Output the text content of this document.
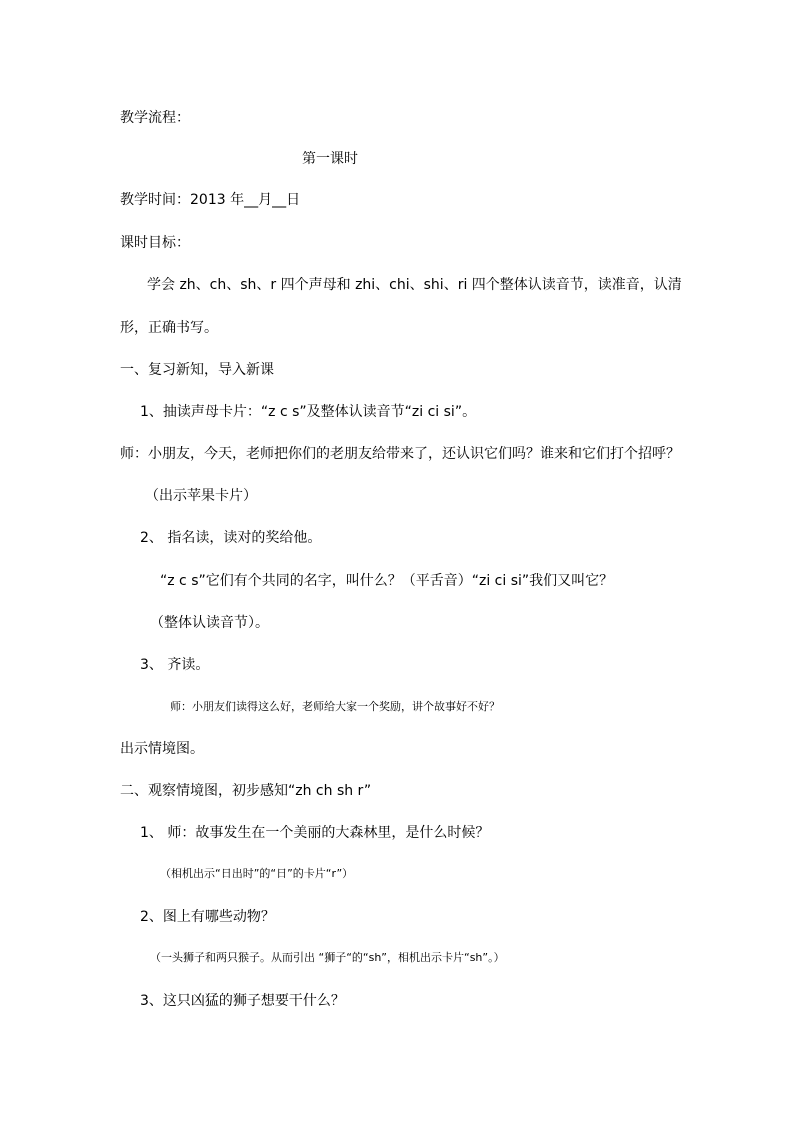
教学流程：
第一课时
教学时间：2013 年__月__日
课时目标：
学会 zh、ch、sh、r 四个声母和 zhi、chi、shi、ri 四个整体认读音节，读准音，认清
形，正确书写。
一、复习新知，导入新课
1、抽读声母卡片：“z c s”及整体认读音节“zi ci si”。
师：小朋友，今天，老师把你们的老朋友给带来了，还认识它们吗？谁来和它们打个招呼？
（出示苹果卡片）
2、 指名读，读对的奖给他。
“z c s”它们有个共同的名字，叫什么？（平舌音）“zi ci si”我们又叫它？
（整体认读音节）。
3、 齐读。
师：小朋友们读得这么好，老师给大家一个奖励，讲个故事好不好？
出示情境图。
二、观察情境图，初步感知“zh ch sh r”
1、 师：故事发生在一个美丽的大森林里，是什么时候？
（相机出示“日出时”的“日”的卡片“r”）
2、图上有哪些动物？
（一头狮子和两只猴子。从而引出 “狮子“的“sh”，相机出示卡片“sh”。）
3、这只凶猛的狮子想要干什么？
